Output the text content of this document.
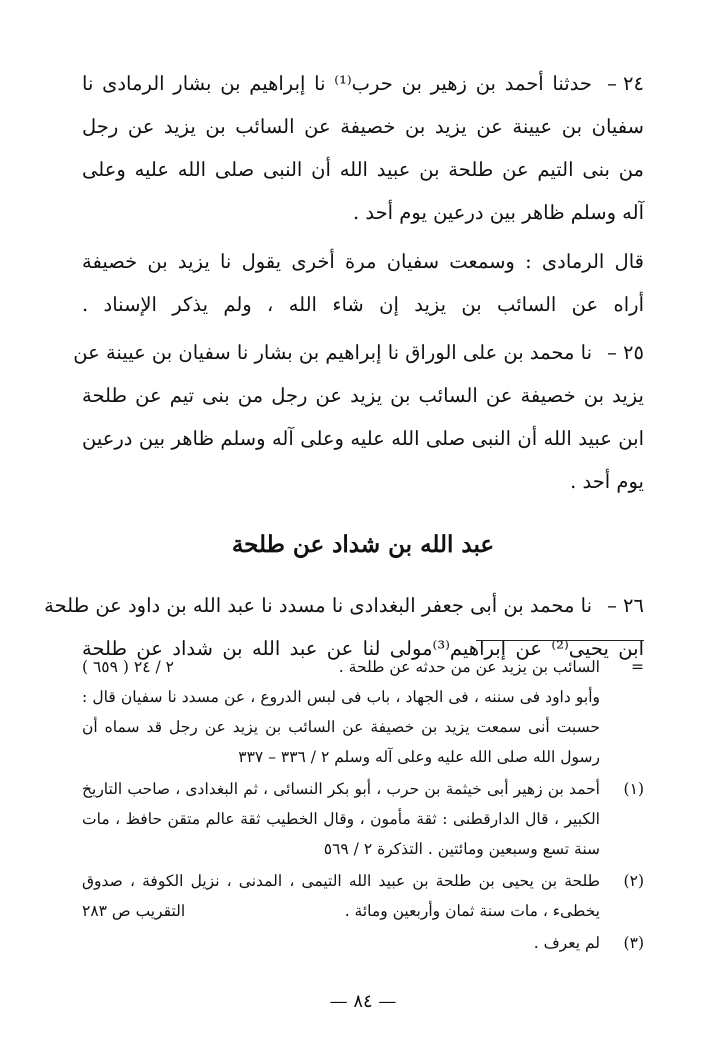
٢٤ –
حدثنا أحمد بن زهير بن حرب⁽¹⁾ نا إبراهيم بن بشار الرمادى نا
سفيان بن عيينة عن يزيد بن خصيفة عن السائب بن يزيد عن رجل
من بنى التيم عن طلحة بن عبيد الله أن النبى صلى الله عليه وعلى
آله وسلم ظاهر بين درعين يوم أحد .
قال الرمادى : وسمعت سفيان مرة أخرى يقول نا يزيد بن خصيفة
أراه عن السائب بن يزيد إن شاء الله ، ولم يذكر الإسناد .
٢٥ –
نا محمد بن على الوراق نا إبراهيم بن بشار نا سفيان بن عيينة عن
يزيد بن خصيفة عن السائب بن يزيد عن رجل من بنى تيم عن طلحة
ابن عبيد الله أن النبى صلى الله عليه وعلى آله وسلم ظاهر بين درعين
يوم أحد .
عبد الله بن شداد عن طلحة
٢٦ –
نا محمد بن أبى جعفر البغدادى نا مسدد نا عبد الله بن داود عن طلحة
ابن يحيى⁽²⁾ عن إبراهيم⁽³⁾مولى لنا عن عبد الله بن شداد عن طلحة
=
السائب بن يزيد عن من حدثه عن طلحة .
٢ / ٢٤ ( ٦٥٩ )
وأبو داود فى سننه ، فى الجهاد ، باب فى لبس الدروع ، عن مسدد نا سفيان قال :
حسبت أنى سمعت يزيد بن خصيفة عن السائب بن يزيد عن رجل قد سماه أن
رسول الله صلى الله عليه وعلى آله وسلم ٢ / ٣٣٦ – ٣٣٧
(١)
أحمد بن زهير أبى خيثمة بن حرب ، أبو بكر النسائى ، ثم البغدادى ، صاحب التاريخ
الكبير ، قال الدارقطنى : ثقة مأمون ، وقال الخطيب ثقة عالم متقن حافظ ، مات
سنة تسع وسبعين ومائتين . التذكرة ٢ / ٥٦٩
(٢)
طلحة بن يحيى بن طلحة بن عبيد الله التيمى ، المدنى ، نزيل الكوفة ، صدوق
يخطىء ، مات سنة ثمان وأربعين ومائة .
التقريب ص ٢٨٣
(٣)
لم يعرف .
— ٨٤ —
